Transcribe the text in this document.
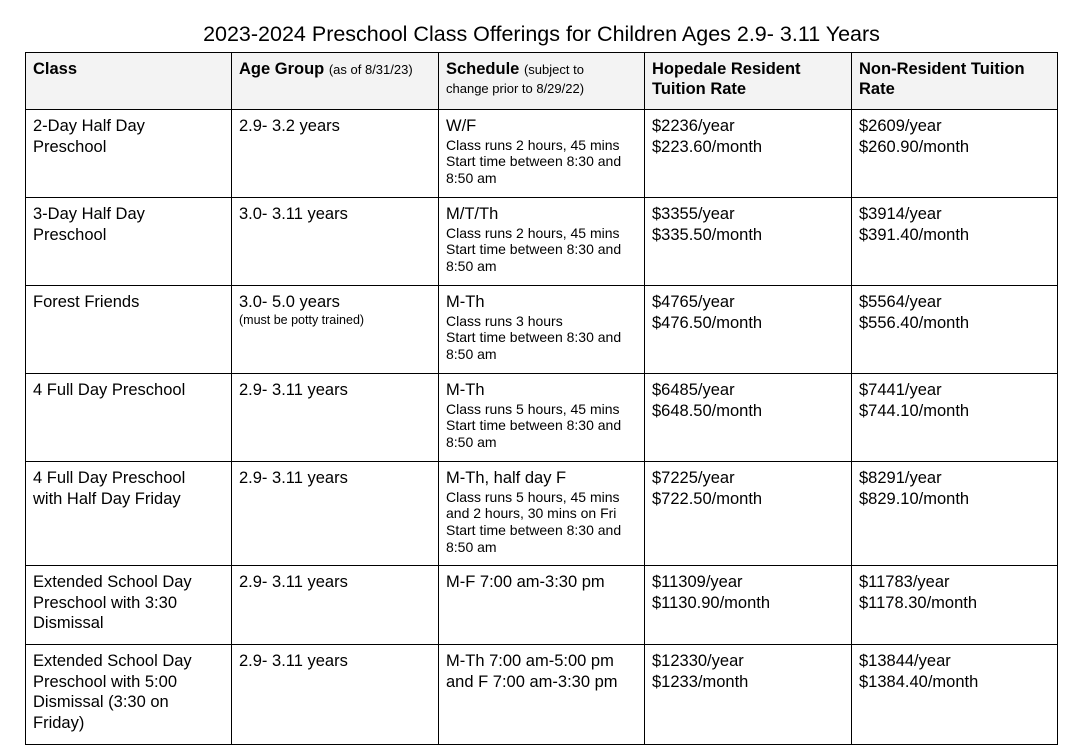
2023-2024 Preschool Class Offerings for Children Ages 2.9- 3.11 Years
Class	Age Group (as of 8/31/23)	Schedule (subject to
change prior to 8/29/22)	Hopedale Resident
Tuition Rate	Non-Resident Tuition
Rate

2-Day Half Day
Preschool	2.9- 3.2 years	W/F
Class runs 2 hours, 45 mins
Start time between 8:30 and
8:50 am	$2236/year
$223.60/month	$2609/year
$260.90/month

3-Day Half Day
Preschool	3.0- 3.11 years	M/T/Th
Class runs 2 hours, 45 mins
Start time between 8:30 and
8:50 am	$3355/year
$335.50/month	$3914/year
$391.40/month

Forest Friends	3.0- 5.0 years
(must be potty trained)	M-Th
Class runs 3 hours
Start time between 8:30 and
8:50 am	$4765/year
$476.50/month	$5564/year
$556.40/month

4 Full Day Preschool	2.9- 3.11 years	M-Th
Class runs 5 hours, 45 mins
Start time between 8:30 and
8:50 am	$6485/year
$648.50/month	$7441/year
$744.10/month

4 Full Day Preschool
with Half Day Friday	2.9- 3.11 years	M-Th, half day F
Class runs 5 hours, 45 mins
and 2 hours, 30 mins on Fri
Start time between 8:30 and
8:50 am	$7225/year
$722.50/month	$8291/year
$829.10/month

Extended School Day
Preschool with 3:30
Dismissal	2.9- 3.11 years	M-F 7:00 am-3:30 pm	$11309/year
$1130.90/month	$11783/year
$1178.30/month

Extended School Day
Preschool with 5:00
Dismissal (3:30 on
Friday)	2.9- 3.11 years	M-Th 7:00 am-5:00 pm
and F 7:00 am-3:30 pm	$12330/year
$1233/month	$13844/year
$1384.40/month
